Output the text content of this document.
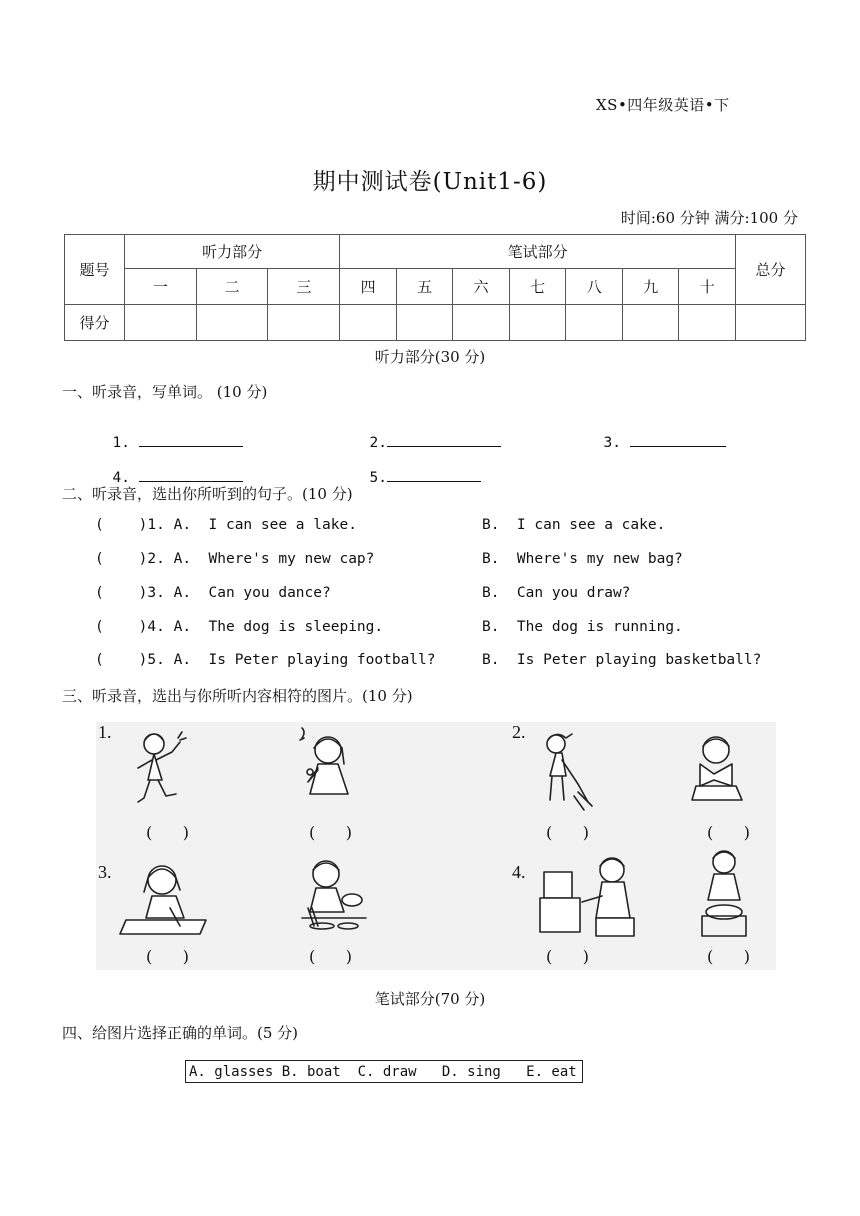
XS•四年级英语•下
期中测试卷(Unit1-6)
时间:60 分钟 满分:100 分
题号	听力部分			笔试部分							总分
	一	二	三	四	五	六	七	八	九	十	
得分											
听力部分(30 分)
一、听录音，写单词。 (10 分)

1.	2.	3.

4.	5.

二、听录音，选出你所听到的句子。(10 分)
(    )1. A.  I can see a lake.	B.  I can see a cake.
(    )2. A.  Where's my new cap?	B.  Where's my new bag?
(    )3. A.  Can you dance?	B.  Can you draw?
(    )4. A.  The dog is sleeping.	B.  The dog is running.
(    )5. A.  Is Peter playing football?	B.  Is Peter playing basketball?
三、听录音，选出与你所听内容相符的图片。(10 分)
1.	2.
3.	4.
(      )	(      )	(      )	(      )
(      )	(      )	(      )	(      )
笔试部分(70 分)
四、给图片选择正确的单词。(5 分)
A. glasses B. boat  C. draw   D. sing   E. eat
